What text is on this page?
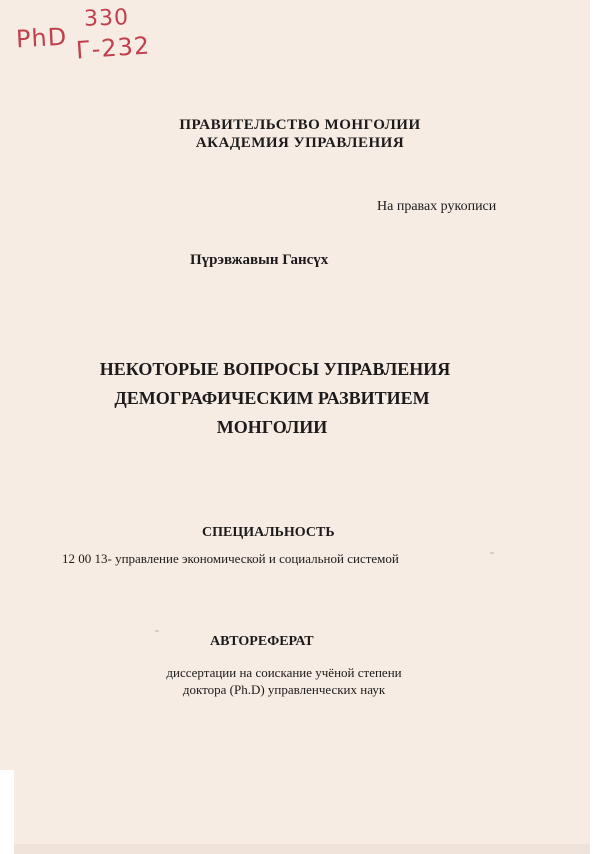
PhD
330
Г-232
ПРАВИТЕЛЬСТВО МОНГОЛИИ
АКАДЕМИЯ УПРАВЛЕНИЯ
На правах рукописи
Пүрэвжавын Гансүх
НЕКОТОРЫЕ ВОПРОСЫ УПРАВЛЕНИЯ
ДЕМОГРАФИЧЕСКИМ РАЗВИТИЕМ
МОНГОЛИИ
СПЕЦИАЛЬНОСТЬ
12 00 13- управление экономической и социальной системой
АВТОРЕФЕРАТ
диссертации на соискание учёной степени
доктора (Ph.D) управленческих наук
